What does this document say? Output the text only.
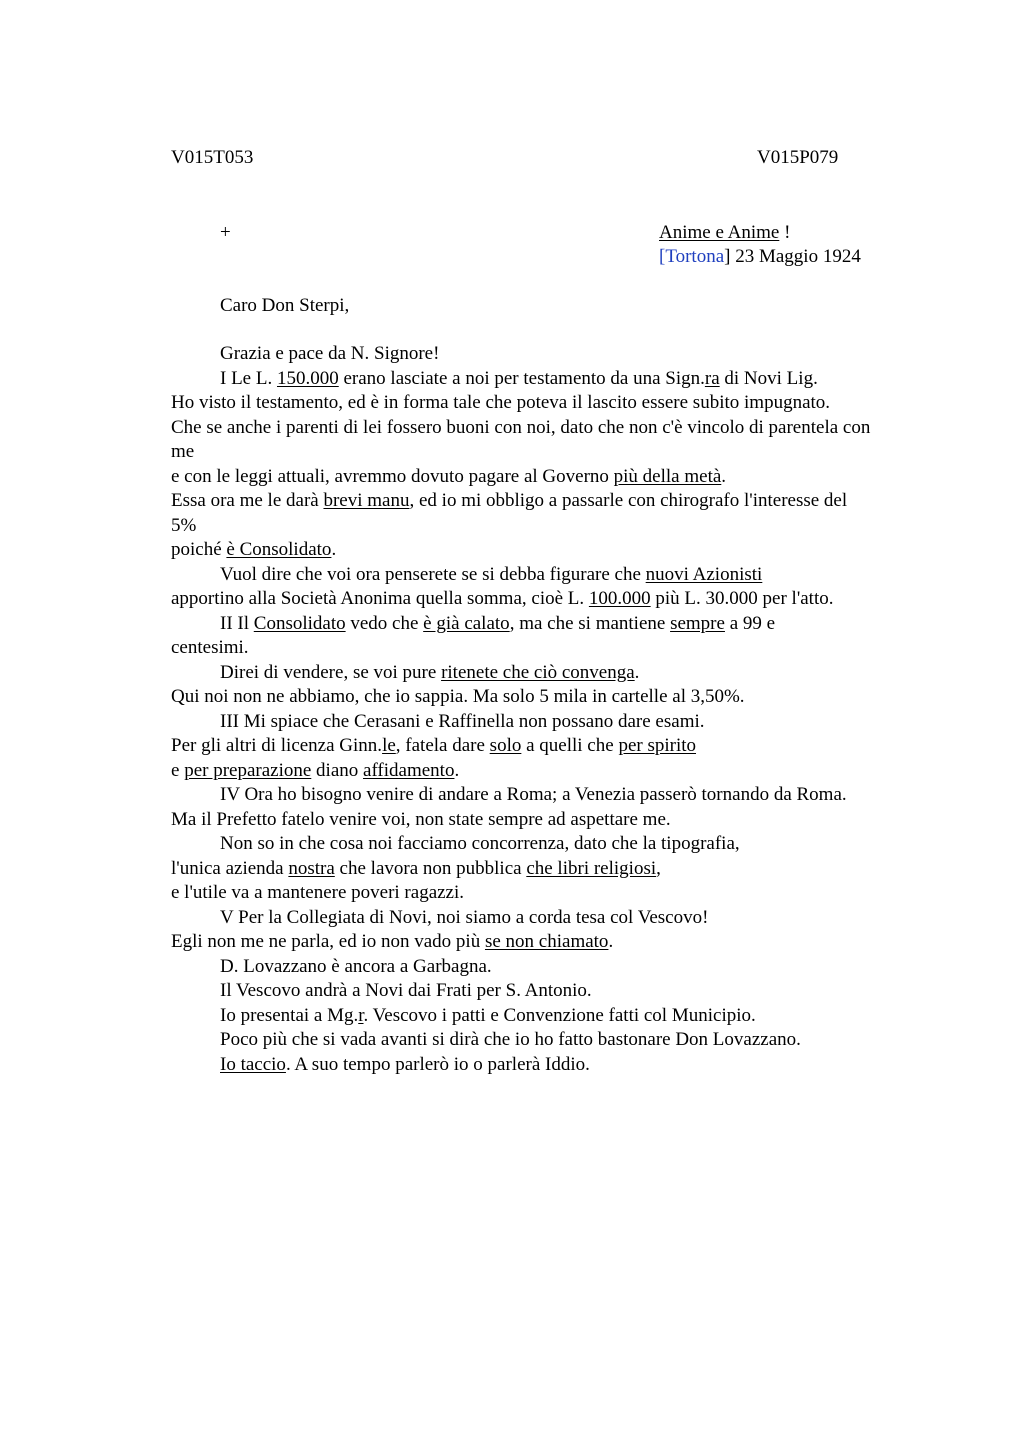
V015T053	V015P079
+	Anime e Anime !
[Tortona] 23 Maggio 1924
Caro Don Sterpi,
Grazia e pace da N. Signore!
I Le L. 150.000 erano lasciate a noi per testamento da una Sign.ra di Novi Lig.
Ho visto il testamento, ed è in forma tale che poteva il lascito essere subito impugnato.
Che se anche i parenti di lei fossero buoni con noi, dato che non c'è vincolo di parentela con
me
e con le leggi attuali, avremmo dovuto pagare al Governo più della metà.
Essa ora me le darà brevi manu, ed io mi obbligo a passarle con chirografo l'interesse del
5%
poiché è Consolidato.
Vuol dire che voi ora penserete se si debba figurare che nuovi Azionisti
apportino alla Società Anonima quella somma, cioè L. 100.000 più L. 30.000 per l'atto.
II Il Consolidato vedo che è già calato, ma che si mantiene sempre a 99 e
centesimi.
Direi di vendere, se voi pure ritenete che ciò convenga.
Qui noi non ne abbiamo, che io sappia. Ma solo 5 mila in cartelle al 3,50%.
III Mi spiace che Cerasani e Raffinella non possano dare esami.
Per gli altri di licenza Ginn.le, fatela dare solo a quelli che per spirito
e per preparazione diano affidamento.
IV Ora ho bisogno venire di andare a Roma; a Venezia passerò tornando da Roma.
Ma il Prefetto fatelo venire voi, non state sempre ad aspettare me.
Non so in che cosa noi facciamo concorrenza, dato che la tipografia,
l'unica azienda nostra che lavora non pubblica che libri religiosi,
e l'utile va a mantenere poveri ragazzi.
V Per la Collegiata di Novi, noi siamo a corda tesa col Vescovo!
Egli non me ne parla, ed io non vado più se non chiamato.
D. Lovazzano è ancora a Garbagna.
Il Vescovo andrà a Novi dai Frati per S. Antonio.
Io presentai a Mg.r. Vescovo i patti e Convenzione fatti col Municipio.
Poco più che si vada avanti si dirà che io ho fatto bastonare Don Lovazzano.
Io taccio. A suo tempo parlerò io o parlerà Iddio.
